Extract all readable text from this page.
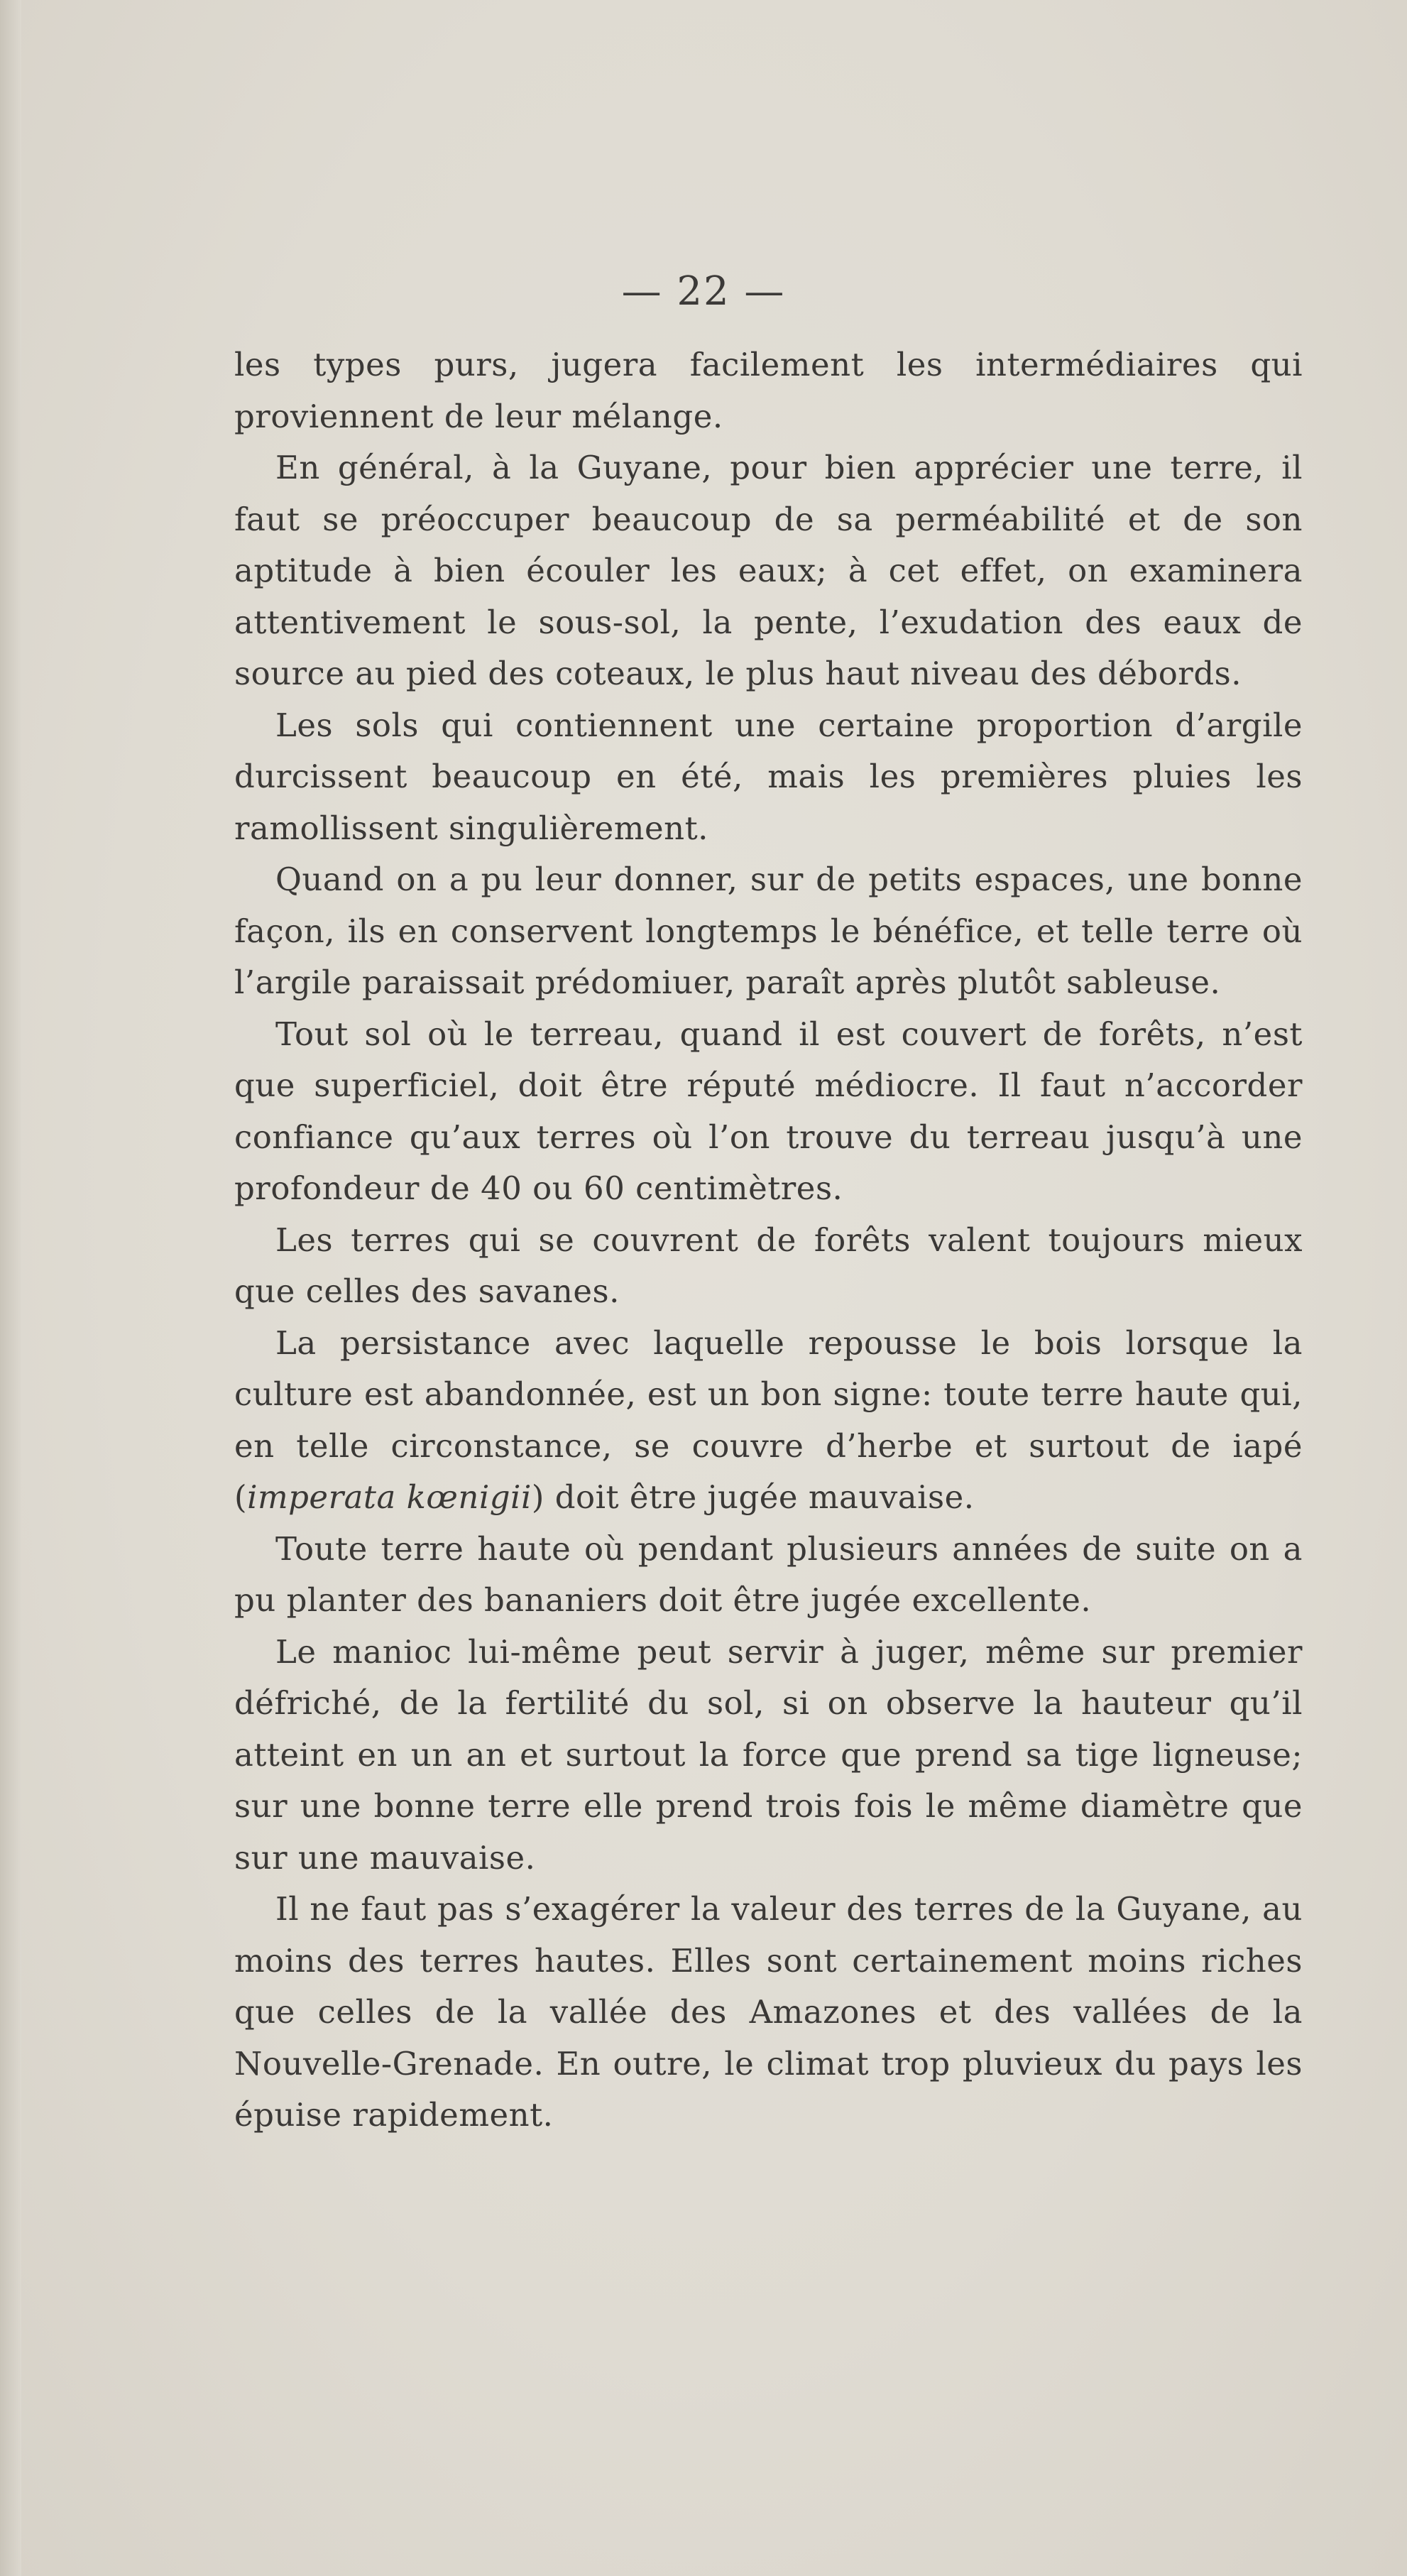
— 22 —

les types purs, jugera facilement les intermédiaires qui proviennent de leur mélange.

En général, à la Guyane, pour bien apprécier une terre, il faut se préoccuper beaucoup de sa perméabilité et de son aptitude à bien écouler les eaux; à cet effet, on examinera attentivement le sous-sol, la pente, l’exudation des eaux de source au pied des coteaux, le plus haut niveau des débords.

Les sols qui contiennent une certaine proportion d’argile durcissent beaucoup en été, mais les premières pluies les ramollissent singulièrement.

Quand on a pu leur donner, sur de petits espaces, une bonne façon, ils en conservent longtemps le bénéfice, et telle terre où l’argile paraissait prédomiuer, paraît après plutôt sableuse.

Tout sol où le terreau, quand il est couvert de forêts, n’est que superficiel, doit être réputé médiocre. Il faut n’accorder confiance qu’aux terres où l’on trouve du terreau jusqu’à une profondeur de 40 ou 60 centimètres.

Les terres qui se couvrent de forêts valent toujours mieux que celles des savanes.

La persistance avec laquelle repousse le bois lorsque la culture est abandonnée, est un bon signe: toute terre haute qui, en telle circonstance, se couvre d’herbe et surtout de iapé (imperata kœnigii) doit être jugée mauvaise.

Toute terre haute où pendant plusieurs années de suite on a pu planter des bananiers doit être jugée excellente.

Le manioc lui-même peut servir à juger, même sur premier défriché, de la fertilité du sol, si on observe la hauteur qu’il atteint en un an et surtout la force que prend sa tige ligneuse; sur une bonne terre elle prend trois fois le même diamètre que sur une mauvaise.

Il ne faut pas s’exagérer la valeur des terres de la Guyane, au moins des terres hautes. Elles sont certainement moins riches que celles de la vallée des Amazones et des vallées de la Nouvelle-Grenade. En outre, le climat trop pluvieux du pays les épuise rapidement.
